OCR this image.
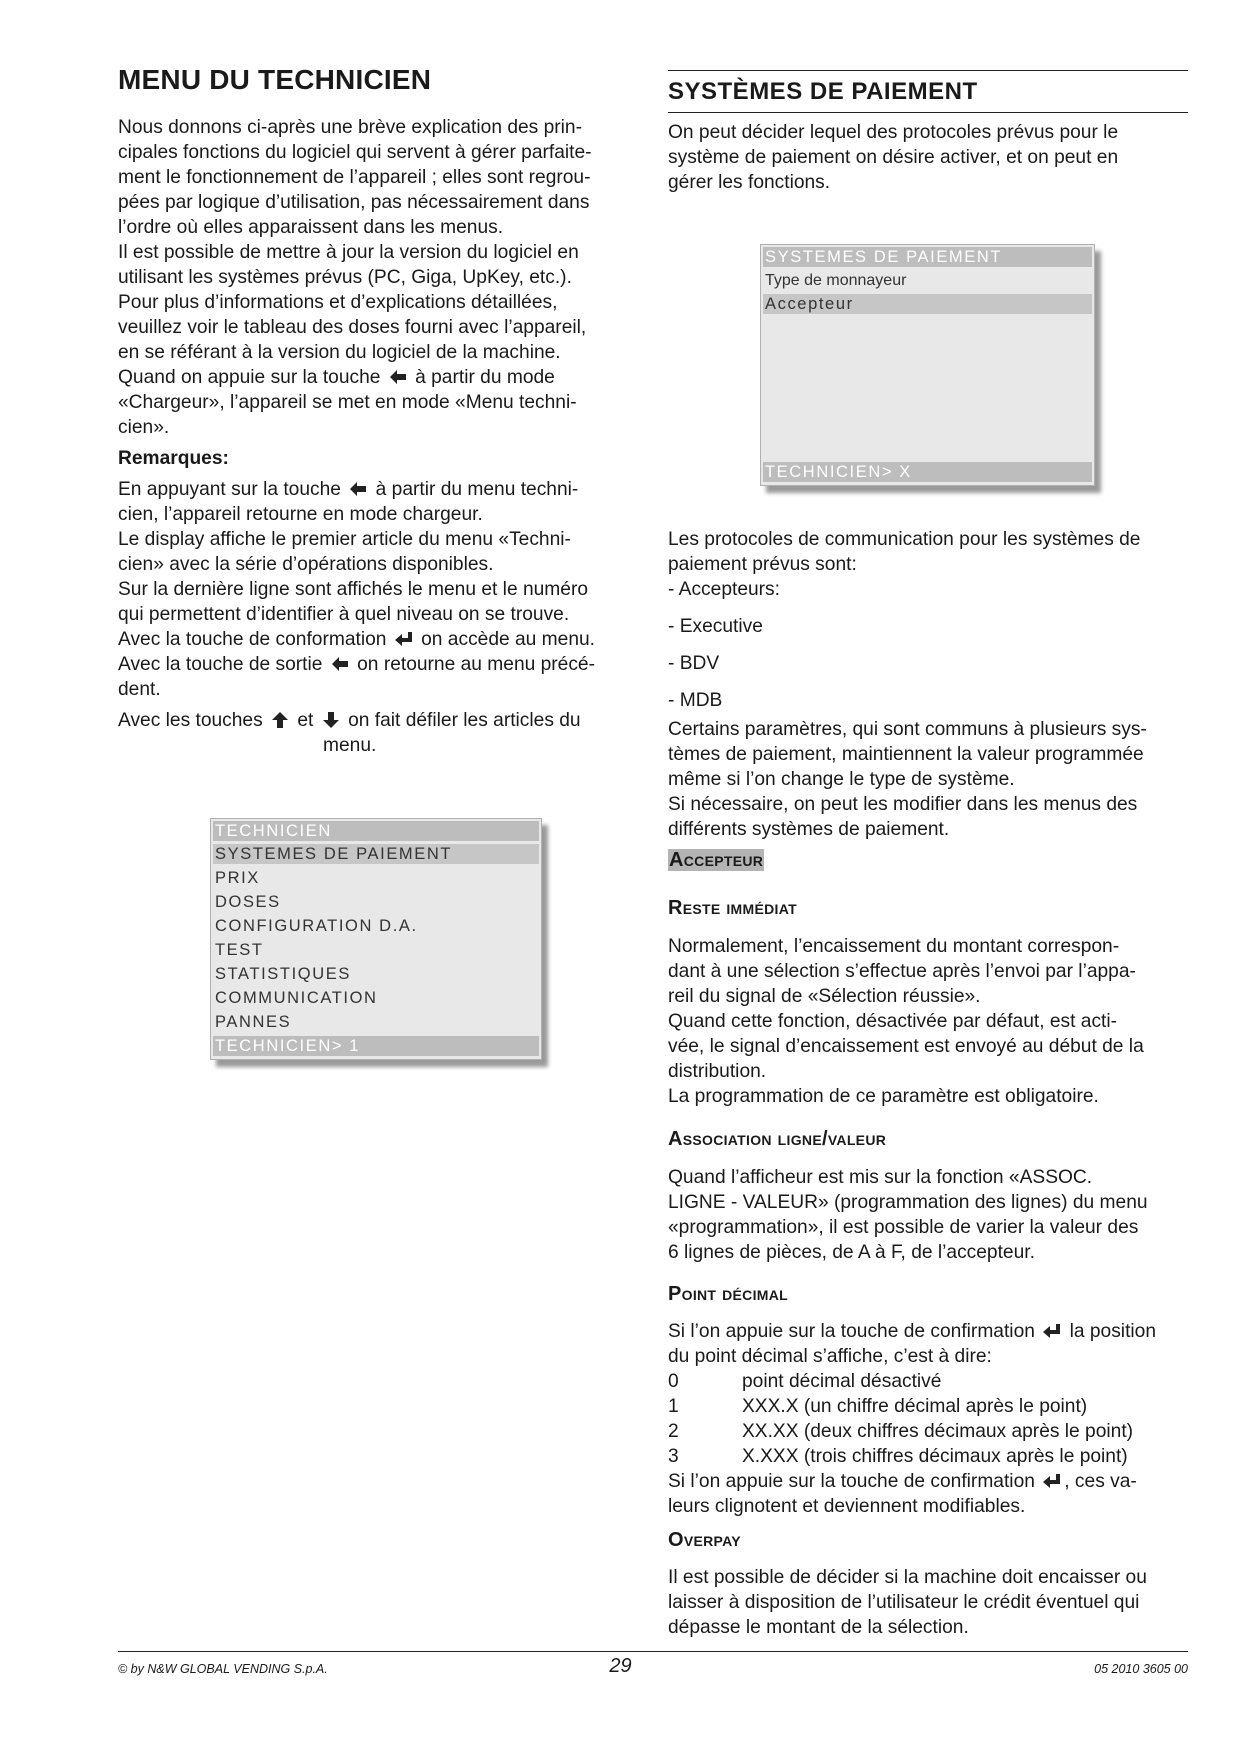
MENU DU TECHNICIEN

Nous donnons ci-après une brève explication des prin-

cipales fonctions du logiciel qui servent à gérer parfaite-

ment le fonctionnement de l’appareil ; elles sont regrou-

pées par logique d’utilisation, pas nécessairement dans

l’ordre où elles apparaissent dans les menus.

Il est possible de mettre à jour la version du logiciel en

utilisant les systèmes prévus (PC, Giga, UpKey, etc.).

Pour plus d’informations et d’explications détaillées,

veuillez voir le tableau des doses fourni avec l’appareil,

en se référant à la version du logiciel de la machine.

Quand on appuie sur la touche à partir du mode

«Chargeur», l’appareil se met en mode «Menu techni-

cien».

Remarques:

En appuyant sur la touche à partir du menu techni-

cien, l’appareil retourne en mode chargeur.

Le display affiche le premier article du menu «Techni-

cien» avec la série d’opérations disponibles.

Sur la dernière ligne sont affichés le menu et le numéro

qui permettent d’identifier à quel niveau on se trouve.

Avec la touche de conformation on accède au menu.

Avec la touche de sortie on retourne au menu précé-

dent.

Avec les touches et on fait défiler les articles du

menu.

TECHNICIEN
SYSTEMES DE PAIEMENT
PRIX
DOSES
CONFIGURATION D.A.
TEST
STATISTIQUES
COMMUNICATION
PANNES
TECHNICIEN> 1
SYSTÈMES DE PAIEMENT

On peut décider lequel des protocoles prévus pour le

système de paiement on désire activer, et on peut en

gérer les fonctions.

SYSTEMES DE PAIEMENT
Type de monnayeur
Accepteur
TECHNICIEN> X

Les protocoles de communication pour les systèmes de

paiement prévus sont:

- Accepteurs:

- Executive

- BDV

- MDB

Certains paramètres, qui sont communs à plusieurs sys-

tèmes de paiement, maintiennent la valeur programmée

même si l’on change le type de système.

Si nécessaire, on peut les modifier dans les menus des

différents systèmes de paiement.

Accepteur
Reste immédiat

Normalement, l’encaissement du montant correspon-

dant à une sélection s’effectue après l’envoi par l’appa-

reil du signal de «Sélection réussie».

Quand cette fonction, désactivée par défaut, est acti-

vée, le signal d’encaissement est envoyé au début de la

distribution.

La programmation de ce paramètre est obligatoire.

Association ligne/valeur

Quand l’afficheur est mis sur la fonction «ASSOC.

LIGNE - VALEUR» (programmation des lignes) du menu

«programmation», il est possible de varier la valeur des

6 lignes de pièces, de A à F, de l’accepteur.

Point décimal

Si l’on appuie sur la touche de confirmation la position

du point décimal s’affiche, c’est à dire:

0	point décimal désactivé

1	XXX.X (un chiffre décimal après le point)

2	XX.XX (deux chiffres décimaux après le point)

3	X.XXX (trois chiffres décimaux après le point)

Si l’on appuie sur la touche de confirmation , ces va-

leurs clignotent et deviennent modifiables.

Overpay

Il est possible de décider si la machine doit encaisser ou

laisser à disposition de l’utilisateur le crédit éventuel qui

dépasse le montant de la sélection.

© by N&W GLOBAL VENDING S.p.A.	29	05 2010 3605 00
